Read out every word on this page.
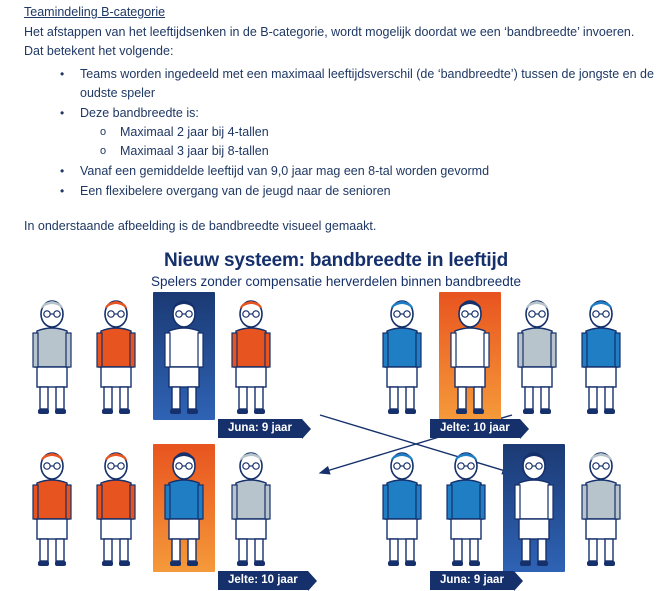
Teamindeling B-categorie
Het afstappen van het leeftijdsenken in de B-categorie, wordt mogelijk doordat we een ‘bandbreedte’ invoeren. Dat betekent het volgende:
• Teams worden ingedeeld met een maximaal leeftijdsverschil (de ‘bandbreedte’) tussen de jongste en de oudste speler
• Deze bandbreedte is:
o Maximaal 2 jaar bij 4-tallen
o Maximaal 3 jaar bij 8-tallen
• Vanaf een gemiddelde leeftijd van 9,0 jaar mag een 8-tal worden gevormd
• Een flexibelere overgang van de jeugd naar de senioren
In onderstaande afbeelding is de bandbreedte visueel gemaakt.
Nieuw systeem: bandbreedte in leeftijd
Spelers zonder compensatie herverdelen binnen bandbreedte
Juna: 9 jaar	Jelte: 10 jaar
Jelte: 10 jaar	Juna: 9 jaar
